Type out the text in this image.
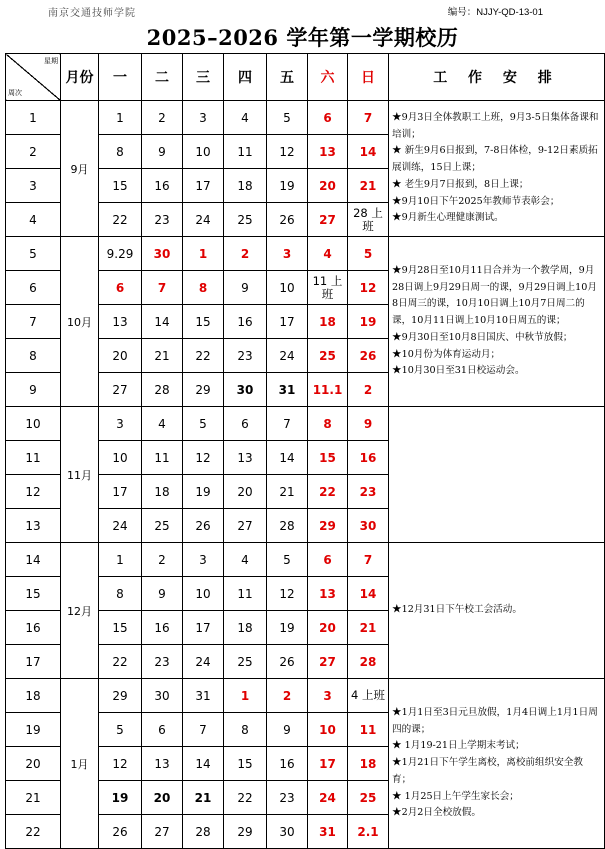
南京交通技师学院	编号：NJJY-QD-13-01
2025–2026 学年第一学期校历
星期
周次	月份	一	二	三	四	五	六	日	工 作 安 排
1	9月	1	2	3	4	5	6	7	★9月3日全体教职工上班，9月3-5日集体备课和培训；
★ 新生9月6日报到，7-8日体检，9-12日素质拓展训练，15日上课；
★ 老生9月7日报到，8日上课；
★9月10日下午2025年教师节表彰会；
★9月新生心理健康测试。

2		8	9	10	11	12	13	14	
3		15	16	17	18	19	20	21	
4		22	23	24	25	26	27	28 上班	
5	10月	9.29	30	1	2	3	4	5	★9月28日至10月11日合并为一个教学周，9月28日调上9月29日周一的课，9月29日调上10月8日周三的课，10月10日调上10月7日周二的课，10月11日调上10月10日周五的课；
★9月30日至10月8日国庆、中秋节放假；
★10月份为体育运动月；
★10月30日至31日校运动会。

6		6	7	8	9	10	11 上班	12	
7		13	14	15	16	17	18	19	
8		20	21	22	23	24	25	26	
9		27	28	29	30	31	11.1	2	
10	11月	3	4	5	6	7	8	9	
11		10	11	12	13	14	15	16	
12		17	18	19	20	21	22	23	
13		24	25	26	27	28	29	30	
14	12月	1	2	3	4	5	6	7	★12月31日下午校工会活动。

15		8	9	10	11	12	13	14	
16		15	16	17	18	19	20	21	
17		22	23	24	25	26	27	28	
18	1月	29	30	31	1	2	3	4 上班	★1月1日至3日元旦放假，1月4日调上1月1日周四的课；
★ 1月19-21日上学期末考试；
★1月21日下午学生离校，离校前组织安全教育；
★ 1月25日上午学生家长会；
★2月2日全校放假。

19		5	6	7	8	9	10	11	
20		12	13	14	15	16	17	18	
21		19	20	21	22	23	24	25	
22		26	27	28	29	30	31	2.1	
